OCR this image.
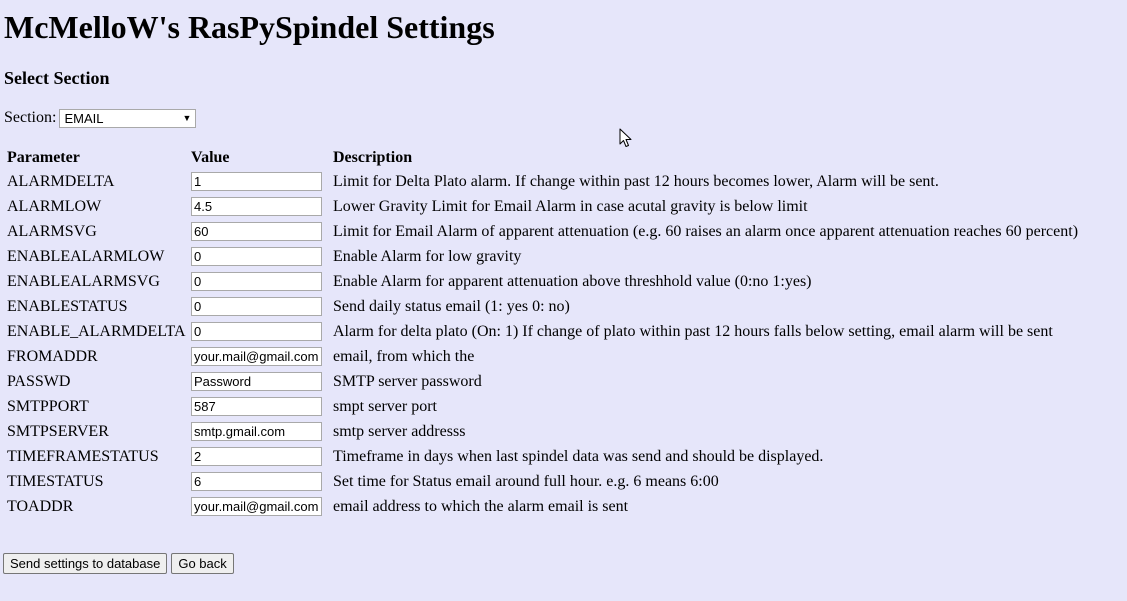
McMelloW's RasPySpindel Settings
Select Section
Section: EMAIL	▼
Parameter	Value	Description
ALARMDELTA	1	Limit for Delta Plato alarm. If change within past 12 hours becomes lower, Alarm will be sent.
ALARMLOW	4.5	Lower Gravity Limit for Email Alarm in case acutal gravity is below limit
ALARMSVG	60	Limit for Email Alarm of apparent attenuation (e.g. 60 raises an alarm once apparent attenuation reaches 60 percent)
ENABLEALARMLOW	0	Enable Alarm for low gravity
ENABLEALARMSVG	0	Enable Alarm for apparent attenuation above threshhold value (0:no 1:yes)
ENABLESTATUS	0	Send daily status email (1: yes 0: no)
ENABLE_ALARMDELTA	0	Alarm for delta plato (On: 1) If change of plato within past 12 hours falls below setting, email alarm will be sent
FROMADDR	your.mail@gmail.com	email, from which the
PASSWD	Password	SMTP server password
SMTPPORT	587	smpt server port
SMTPSERVER	smtp.gmail.com	smtp server addresss
TIMEFRAMESTATUS	2	Timeframe in days when last spindel data was send and should be displayed.
TIMESTATUS	6	Set time for Status email around full hour. e.g. 6 means 6:00
TOADDR	your.mail@gmail.com	email address to which the alarm email is sent
Send settings to database	Go back
